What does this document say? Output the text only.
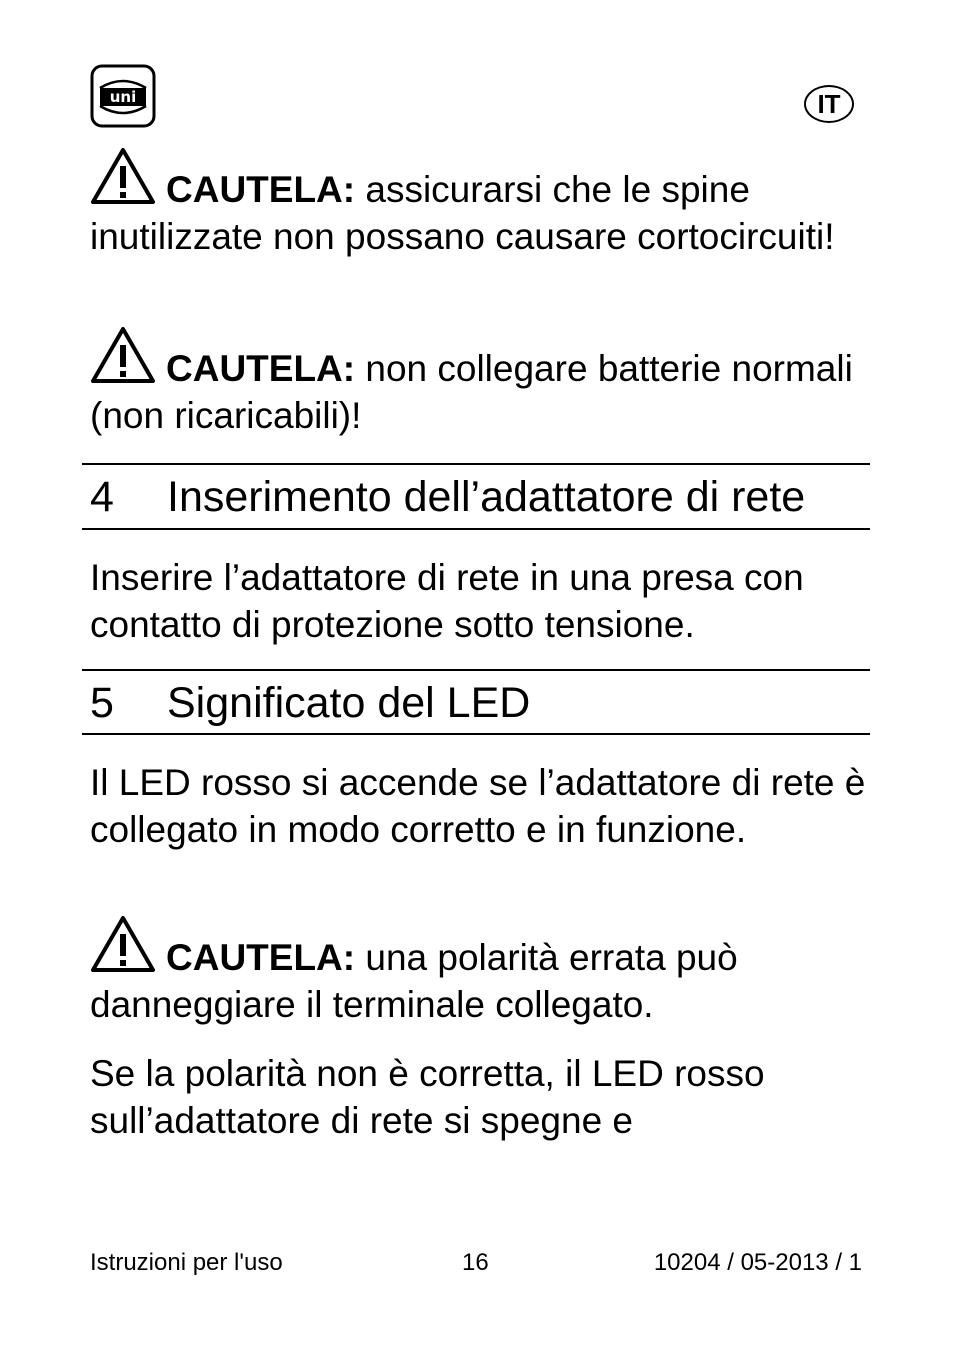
uni	IT

CAUTELA: assicurarsi che le spine inutilizzate non possano causare cortocircuiti!

CAUTELA: non collegare batterie normali (non ricaricabili)!

4 Inserimento dell’adattatore di rete

Inserire l’adattatore di rete in una presa con contatto di protezione sotto tensione.

5 Significato del LED

Il LED rosso si accende se l’adattatore di rete è collegato in modo corretto e in funzione.

CAUTELA: una polarità errata può danneggiare il terminale collegato.

Se la polarità non è corretta, il LED rosso sull’adattatore di rete si spegne e

Istruzioni per l'uso	16	10204 / 05-2013 / 1
